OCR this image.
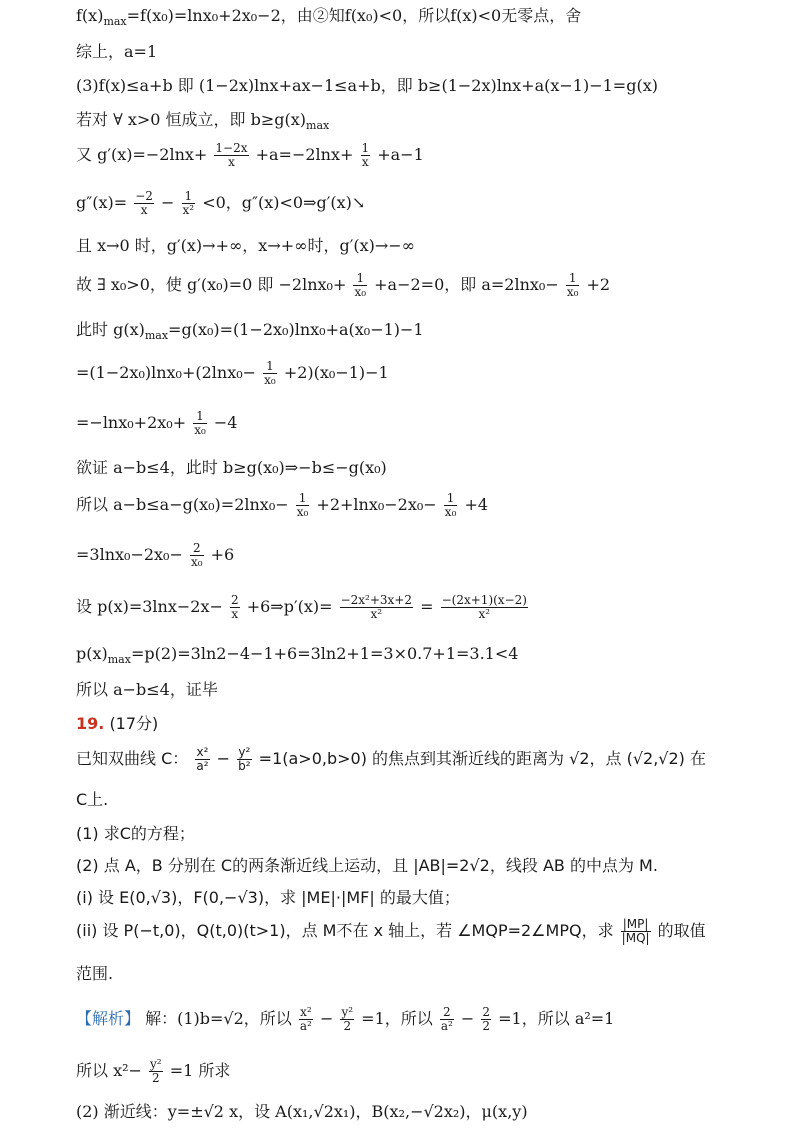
$f(x)_{max}=f(x_0)=\ln x_0+2x_0-2$，由②知f(x₀)<0，所以f(x)<0无零点，舍
综上，a=1
(3)f(x)≤a+b 即 (1−2x)lnx+ax−1≤a+b，即 b≥(1−2x)lnx+a(x−1)−1=g(x)
若对 ∀ x>0 恒成立，即 $b\ge g(x)_{max}$
又 $g'(x)=-2\ln x+ \frac{1-2x}{x} +a=-2\ln x+ \frac{1}{x} +a-1$
$g''(x)= \frac{-2}{x} - \frac{1}{\text{x²}} <0$，g″(x)<0⇒g′(x)↘
且 x→0 时，g′(x)→+∞，x→+∞时，g′(x)→−∞
故 ∃ x₀>0，使 g′(x₀)=0 即 $-2\ln x_0+ \frac{1}{\text{x₀}} +a-2=0$，即 $a=2\ln x_0- \frac{1}{\text{x₀}} +2$
此时 $g(x)_{max}=g(x_0)=(1-2x_0)\ln x_0+a(x_0-1)-1$
$=(1-2x_0)\ln x_0+(2\ln x_0- \frac{1}{\text{x₀}} +2)(x_0-1)-1$
$=-\ln x_0+2x_0+ \frac{1}{\text{x₀}} -4$
欲证 a−b≤4，此时 b≥g(x₀)⇒−b≤−g(x₀)
所以 $a-b\le a-g(x_0)=2\ln x_0- \frac{1}{\text{x₀}} +2+\ln x_0-2x_0- \frac{1}{\text{x₀}} +4$
$=3\ln x_0-2x_0- \frac{2}{\text{x₀}} +6$
设 $p(x)=3\ln x-2x- \frac{2}{x}$ +6⇒p′(x)= $\frac{\text{−2x²+3x+2}}{\text{x²}} = \frac{-(2x+1)(x-2)}{\text{x²}}$
$p(x)_{max}=p(2)=3\ln 2-4-1+6=3\ln 2+1=3\times 0.7+1=3.1<4$
所以 a−b≤4，证毕
19. (17分)
已知双曲线 C： $\frac{\text{x²}}{\text{a²}} - \frac{\text{y²}}{\text{b²}} =1(a>0,b>0)$ 的焦点到其渐近线的距离为 √2，点 (√2,√2) 在
C上.
(1) 求C的方程；
(2) 点 A，B 分别在 C的两条渐近线上运动，且 |AB|=2√2，线段 AB 的中点为 M.
(i) 设 E(0,√3)，F(0,−√3)，求 |ME|·|MF| 的最大值；
(ii) 设 P(−t,0)，Q(t,0)(t>1)，点 M不在 x 轴上，若 ∠MQP=2∠MPQ，求 $\frac{|MP|}{|MQ|}$ 的取值
范围.
【解析】 解：(1)b=√2，所以 $\frac{\text{x²}}{\text{a²}} - \frac{\text{y²}}{2} =1$，所以 $\frac{2}{\text{a²}} - \frac{2}{2} =1$，所以 a²=1
所以 $x^2- \frac{\text{y²}}{2} =1$ 所求
(2) 渐近线：y=±√2 x，设 A(x₁,√2x₁)，B(x₂,−√2x₂)，μ(x,y)
